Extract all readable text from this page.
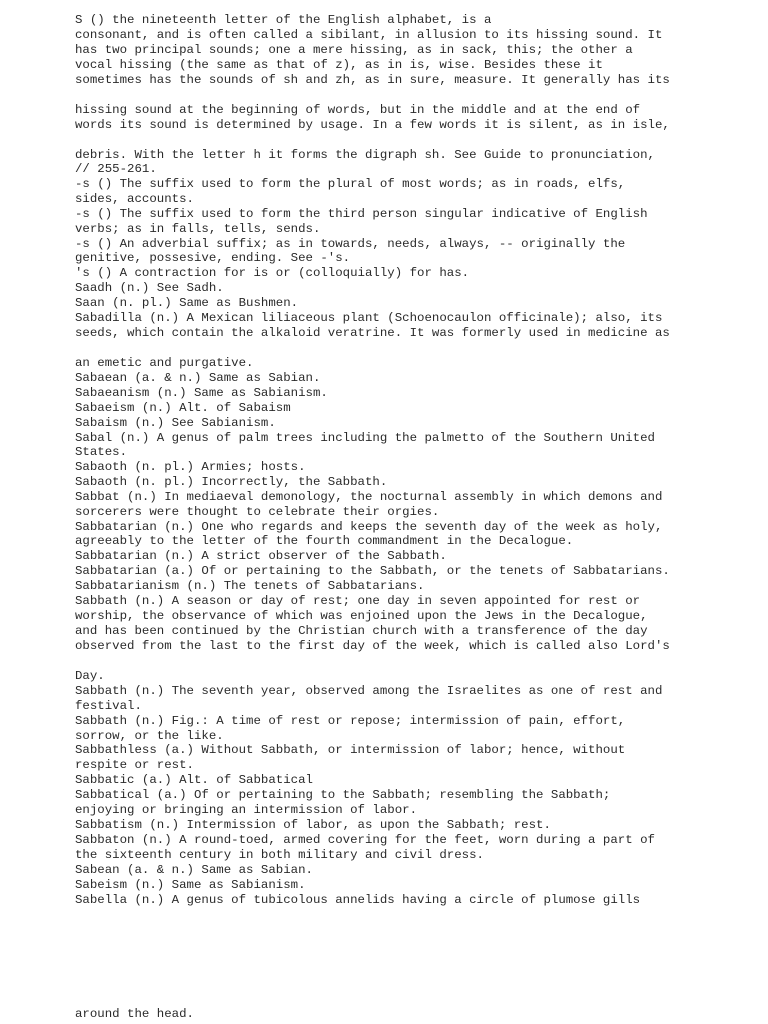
S () the nineteenth letter of the English alphabet, is a
consonant, and is often called a sibilant, in allusion to its hissing sound. It
has two principal sounds; one a mere hissing, as in sack, this; the other a
vocal hissing (the same as that of z), as in is, wise. Besides these it
sometimes has the sounds of sh and zh, as in sure, measure. It generally has its
hissing sound at the beginning of words, but in the middle and at the end of
words its sound is determined by usage. In a few words it is silent, as in isle,
debris. With the letter h it forms the digraph sh. See Guide to pronunciation,
// 255-261.
-s () The suffix used to form the plural of most words; as in roads, elfs,
sides, accounts.
-s () The suffix used to form the third person singular indicative of English
verbs; as in falls, tells, sends.
-s () An adverbial suffix; as in towards, needs, always, -- originally the
genitive, possesive, ending. See -'s.
's () A contraction for is or (colloquially) for has.
Saadh (n.) See Sadh.
Saan (n. pl.) Same as Bushmen.
Sabadilla (n.) A Mexican liliaceous plant (Schoenocaulon officinale); also, its
seeds, which contain the alkaloid veratrine. It was formerly used in medicine as
an emetic and purgative.
Sabaean (a. & n.) Same as Sabian.
Sabaeanism (n.) Same as Sabianism.
Sabaeism (n.) Alt. of Sabaism
Sabaism (n.) See Sabianism.
Sabal (n.) A genus of palm trees including the palmetto of the Southern United
States.
Sabaoth (n. pl.) Armies; hosts.
Sabaoth (n. pl.) Incorrectly, the Sabbath.
Sabbat (n.) In mediaeval demonology, the nocturnal assembly in which demons and
sorcerers were thought to celebrate their orgies.
Sabbatarian (n.) One who regards and keeps the seventh day of the week as holy,
agreeably to the letter of the fourth commandment in the Decalogue.
Sabbatarian (n.) A strict observer of the Sabbath.
Sabbatarian (a.) Of or pertaining to the Sabbath, or the tenets of Sabbatarians.
Sabbatarianism (n.) The tenets of Sabbatarians.
Sabbath (n.) A season or day of rest; one day in seven appointed for rest or
worship, the observance of which was enjoined upon the Jews in the Decalogue,
and has been continued by the Christian church with a transference of the day
observed from the last to the first day of the week, which is called also Lord's
Day.
Sabbath (n.) The seventh year, observed among the Israelites as one of rest and
festival.
Sabbath (n.) Fig.: A time of rest or repose; intermission of pain, effort,
sorrow, or the like.
Sabbathless (a.) Without Sabbath, or intermission of labor; hence, without
respite or rest.
Sabbatic (a.) Alt. of Sabbatical
Sabbatical (a.) Of or pertaining to the Sabbath; resembling the Sabbath;
enjoying or bringing an intermission of labor.
Sabbatism (n.) Intermission of labor, as upon the Sabbath; rest.
Sabbaton (n.) A round-toed, armed covering for the feet, worn during a part of
the sixteenth century in both military and civil dress.
Sabean (a. & n.) Same as Sabian.
Sabeism (n.) Same as Sabianism.
Sabella (n.) A genus of tubicolous annelids having a circle of plumose gills
around the head.
